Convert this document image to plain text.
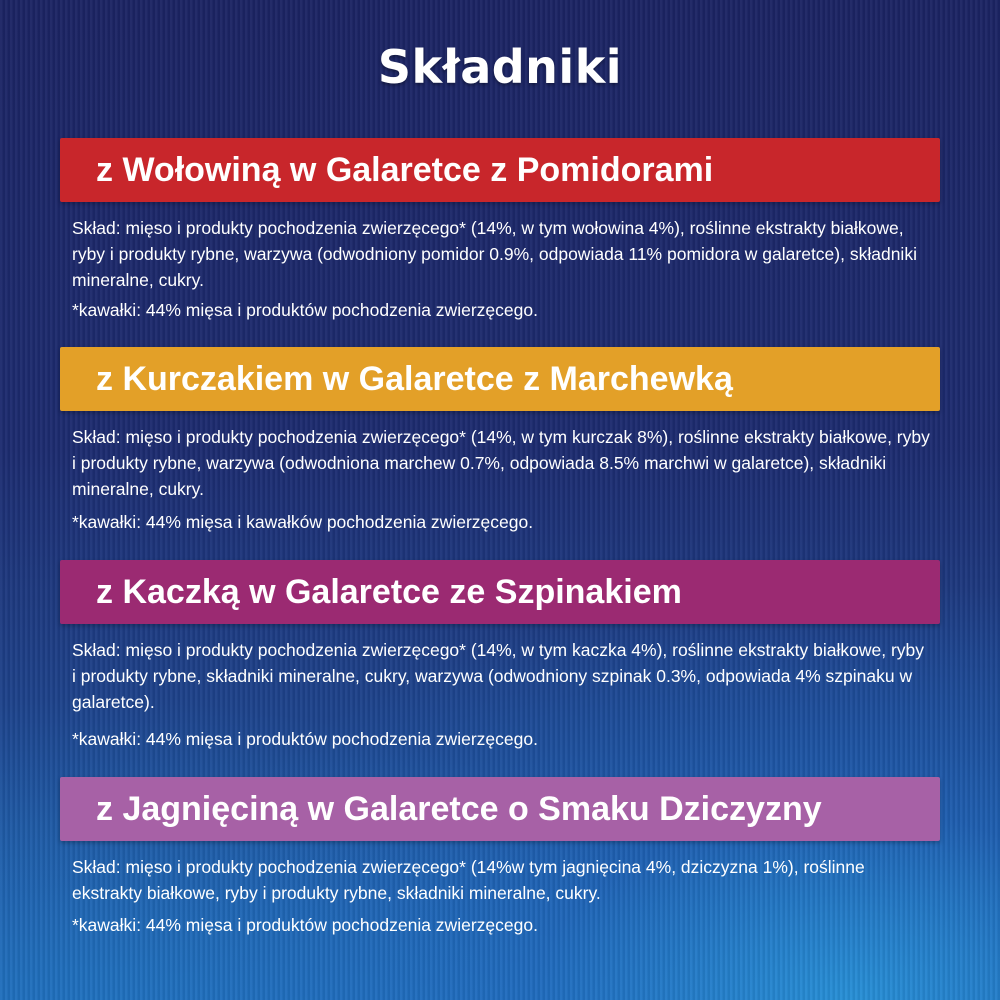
Składniki
z Wołowiną w Galaretce z Pomidorami
Skład: mięso i produkty pochodzenia zwierzęcego* (14%, w tym wołowina 4%), roślinne ekstrakty białkowe, ryby i produkty rybne, warzywa (odwodniony pomidor 0.9%, odpowiada 11% pomidora w galaretce), składniki mineralne, cukry.
*kawałki: 44% mięsa i produktów pochodzenia zwierzęcego.
z Kurczakiem w Galaretce z Marchewką
Skład: mięso i produkty pochodzenia zwierzęcego* (14%, w tym kurczak 8%), roślinne ekstrakty białkowe, ryby i produkty rybne, warzywa (odwodniona marchew 0.7%, odpowiada 8.5% marchwi w galaretce), składniki mineralne, cukry.
*kawałki: 44% mięsa i kawałków pochodzenia zwierzęcego.
z Kaczką w Galaretce ze Szpinakiem
Skład: mięso i produkty pochodzenia zwierzęcego* (14%, w tym kaczka 4%), roślinne ekstrakty białkowe, ryby i produkty rybne, składniki mineralne, cukry, warzywa (odwodniony szpinak 0.3%, odpowiada 4% szpinaku w galaretce).
*kawałki: 44% mięsa i produktów pochodzenia zwierzęcego.
z Jagnięciną w Galaretce o Smaku Dziczyzny
Skład: mięso i produkty pochodzenia zwierzęcego* (14%w tym jagnięcina 4%, dziczyzna 1%), roślinne ekstrakty białkowe, ryby i produkty rybne, składniki mineralne, cukry.
*kawałki: 44% mięsa i produktów pochodzenia zwierzęcego.
